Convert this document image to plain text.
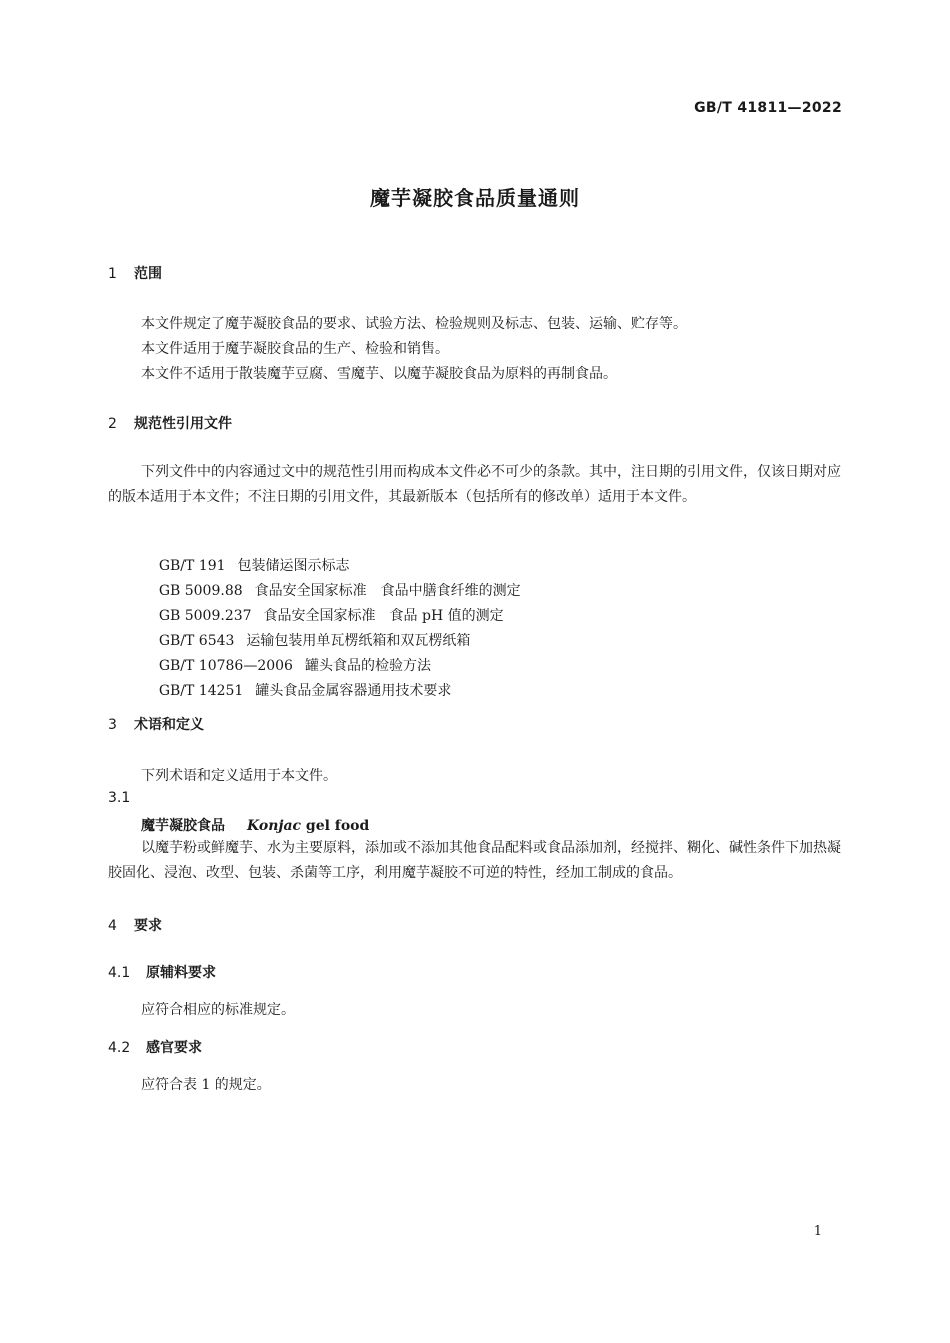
GB/T 41811—2022
魔芋凝胶食品质量通则
1 范围
本文件规定了魔芋凝胶食品的要求、试验方法、检验规则及标志、包装、运输、贮存等。
本文件适用于魔芋凝胶食品的生产、检验和销售。
本文件不适用于散装魔芋豆腐、雪魔芋、以魔芋凝胶食品为原料的再制食品。
2 规范性引用文件
下列文件中的内容通过文中的规范性引用而构成本文件必不可少的条款。其中，注日期的引用文件，仅该日期对应的版本适用于本文件；不注日期的引用文件，其最新版本（包括所有的修改单）适用于本文件。

GB/T 191 包装储运图示标志

GB 5009.88 食品安全国家标准　食品中膳食纤维的测定

GB 5009.237 食品安全国家标准　食品 pH 值的测定

GB/T 6543 运输包装用单瓦楞纸箱和双瓦楞纸箱

GB/T 10786—2006 罐头食品的检验方法

GB/T 14251 罐头食品金属容器通用技术要求

3 术语和定义
下列术语和定义适用于本文件。
3.1
魔芋凝胶食品 Konjac gel food
以魔芋粉或鲜魔芋、水为主要原料，添加或不添加其他食品配料或食品添加剂，经搅拌、糊化、碱性条件下加热凝胶固化、浸泡、改型、包装、杀菌等工序，利用魔芋凝胶不可逆的特性，经加工制成的食品。
4 要求
4.1 原辅料要求
应符合相应的标准规定。
4.2 感官要求
应符合表 1 的规定。
1
